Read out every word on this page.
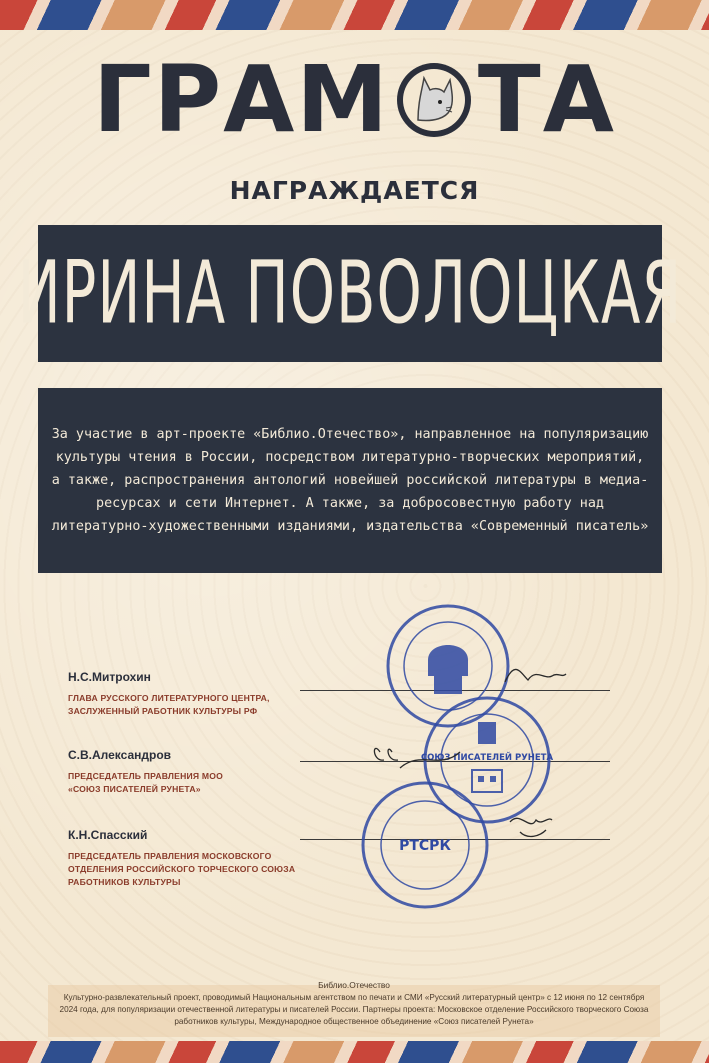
ГРАМ ТА
НАГРАЖДАЕТСЯ
ИРИНА ПОВОЛОЦКАЯ

За участие в арт-проекте «Библио.Отечество», направленное на популяризацию культуры чтения в России, посредством литературно-творческих мероприятий, а также, распространения антологий новейшей российской литературы в медиа-ресурсах и сети Интернет. А также, за добросовестную работу над литературно-художественными изданиями, издательства «Современный писатель»

Н.С.Митрохин
ГЛАВА РУССКОГО ЛИТЕРАТУРНОГО ЦЕНТРА,
ЗАСЛУЖЕННЫЙ РАБОТНИК КУЛЬТУРЫ РФ
С.В.Александров
ПРЕДСЕДАТЕЛЬ ПРАВЛЕНИЯ МОО
«СОЮЗ ПИСАТЕЛЕЙ РУНЕТА»
К.Н.Спасский
ПРЕДСЕДАТЕЛЬ ПРАВЛЕНИЯ МОСКОВСКОГО
ОТДЕЛЕНИЯ РОССИЙСКОГО ТОРЧЕСКОГО СОЮЗА
РАБОТНИКОВ КУЛЬТУРЫ
СОЮЗ ПИСАТЕЛЕЙ РУНЕТА
РТСРК
Библио.Отечество
Культурно-развлекательный проект, проводимый Национальным агентством по печати и СМИ «Русский литературный центр» с 12 июня по 12 сентября 2024 года, для популяризации отечественной литературы и писателей России. Партнеры проекта: Московское отделение Российского творческого Союза работников культуры, Международное общественное объединение «Союз писателей Рунета»
